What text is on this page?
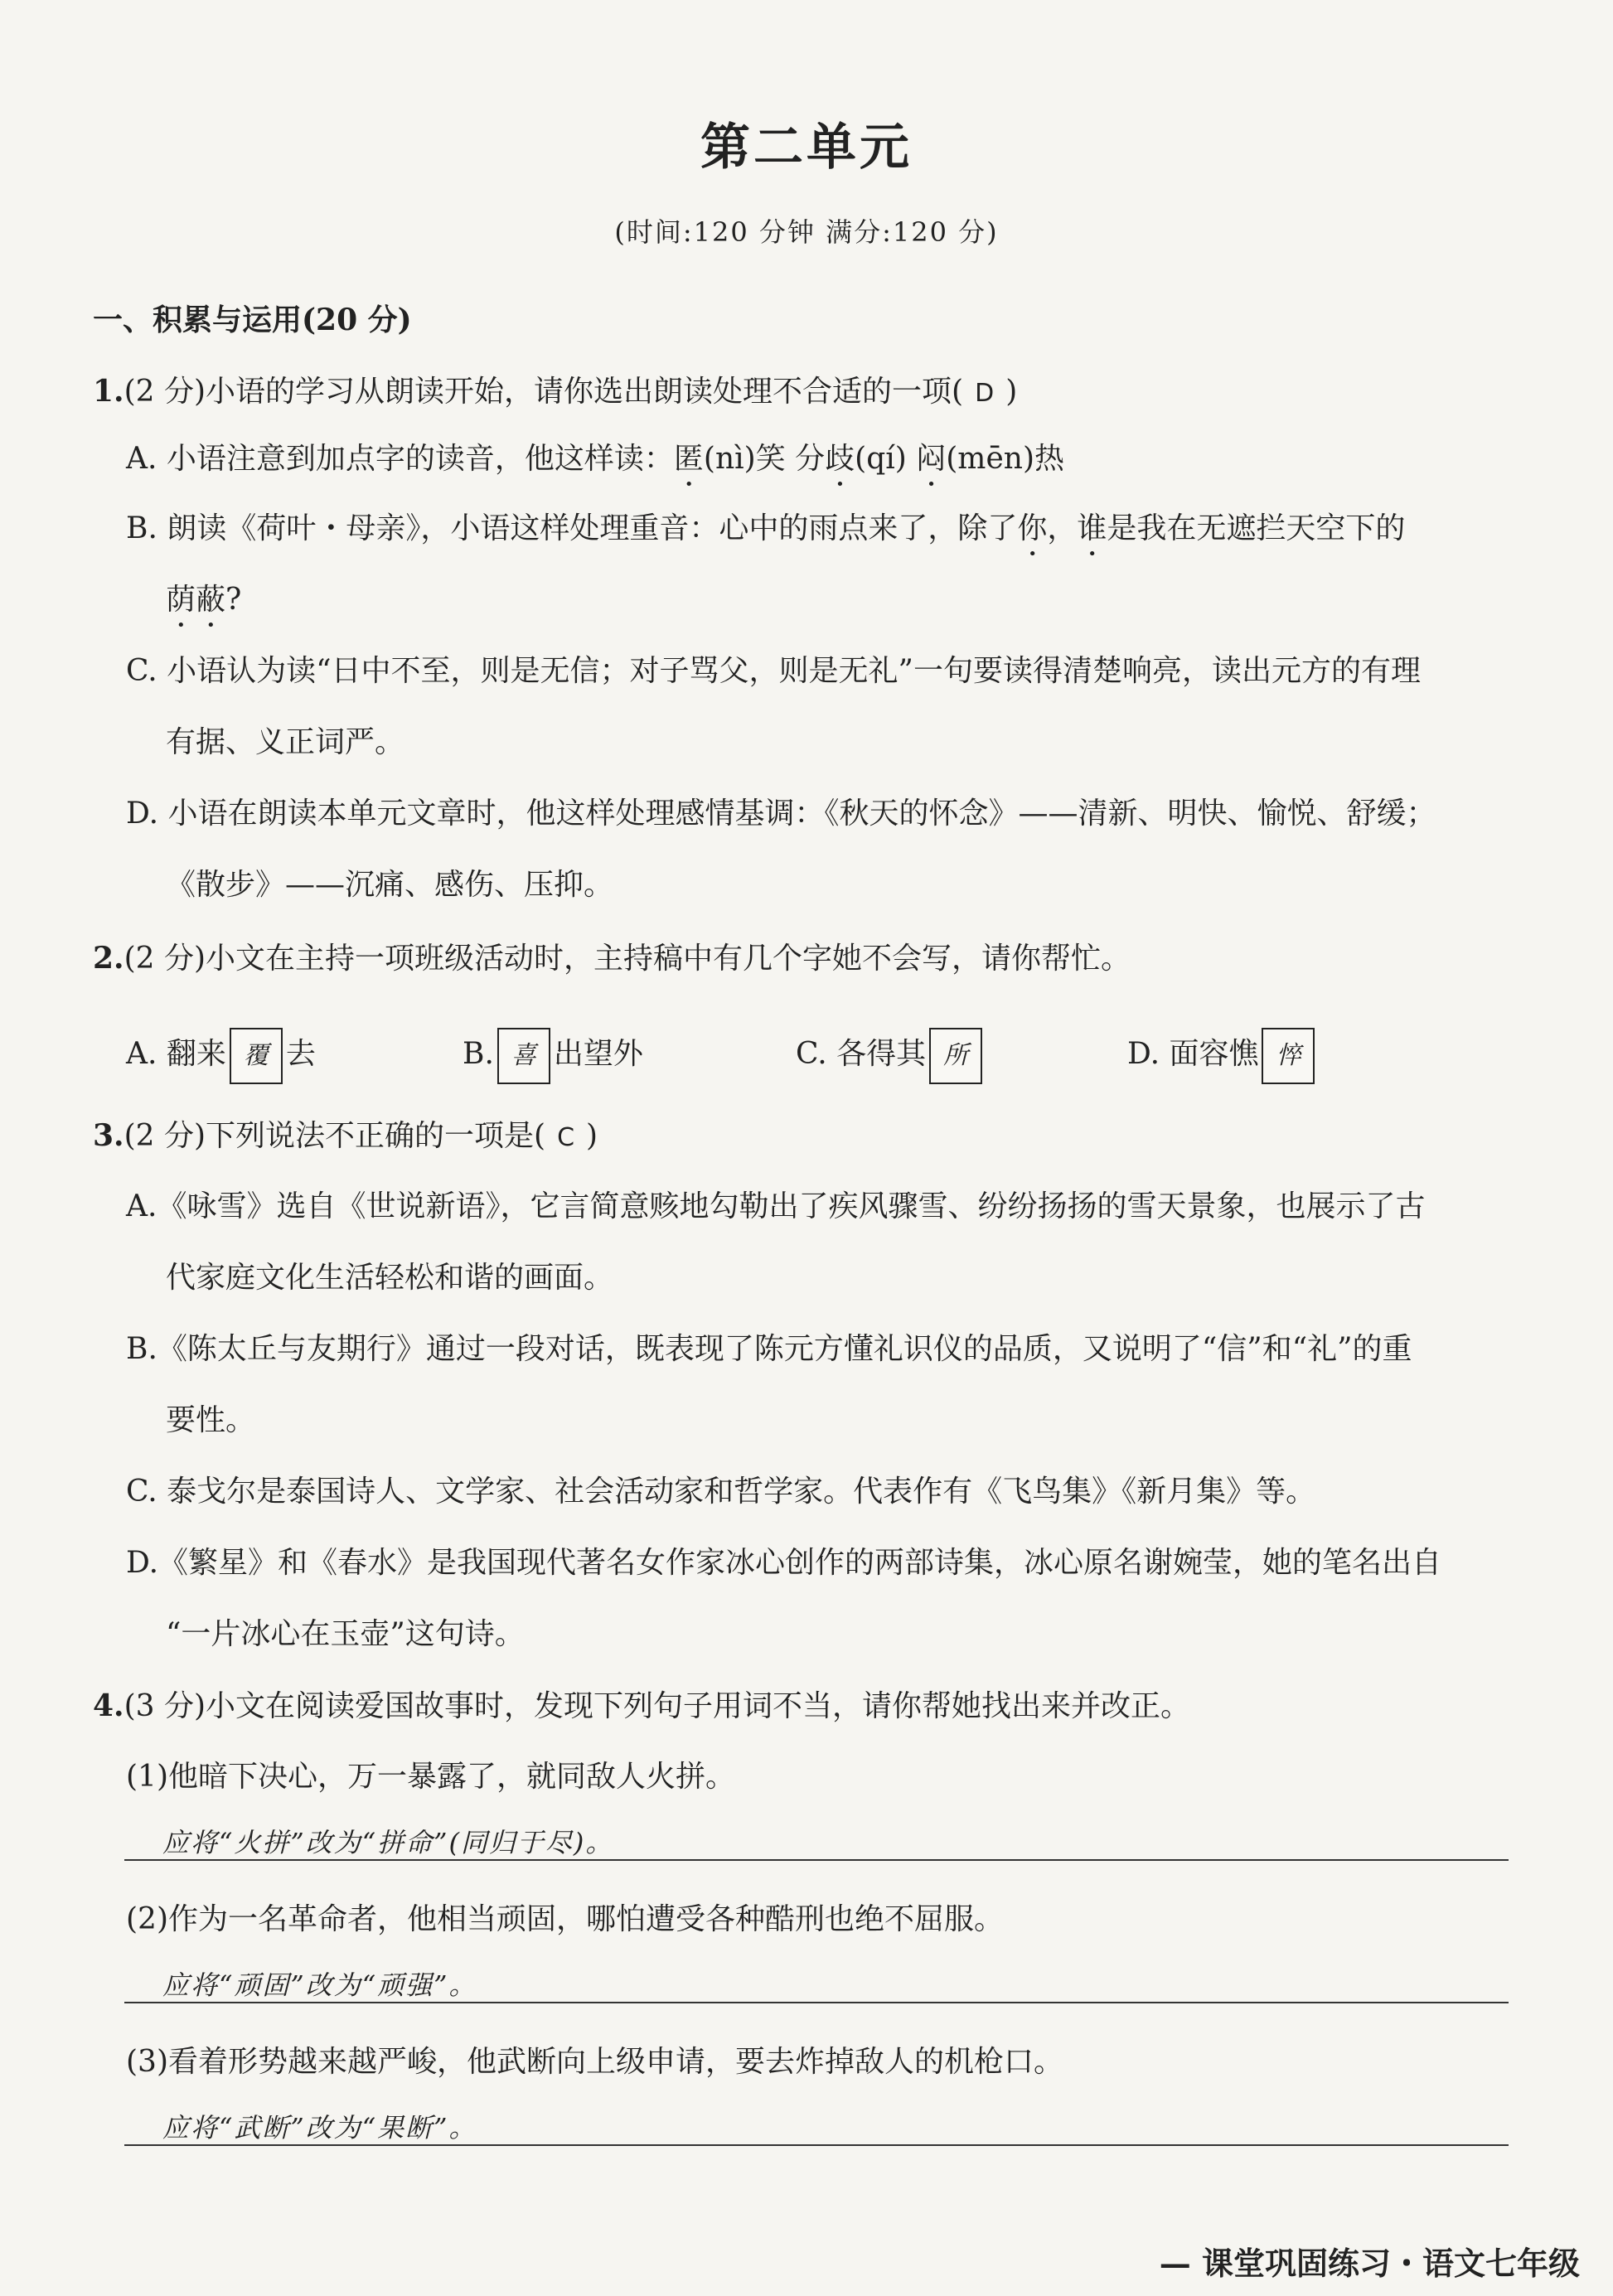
第二单元
(时间:120 分钟 满分:120 分)
一、积累与运用(20 分)
1.(2 分)小语的学习从朗读开始，请你选出朗读处理不合适的一项( D )
A. 小语注意到加点字的读音，他这样读：匿(nì)笑 分歧(qí) 闷(mēn)热
B. 朗读《荷叶・母亲》，小语这样处理重音：心中的雨点来了，除了你，谁是我在无遮拦天空下的
荫蔽?
C. 小语认为读“日中不至，则是无信；对子骂父，则是无礼”一句要读得清楚响亮，读出元方的有理
有据、义正词严。
D. 小语在朗读本单元文章时，他这样处理感情基调：《秋天的怀念》——清新、明快、愉悦、舒缓；
《散步》——沉痛、感伤、压抑。
2.(2 分)小文在主持一项班级活动时，主持稿中有几个字她不会写，请你帮忙。
A. 翻来 覆 去	B. 喜 出望外	C. 各得其 所	D. 面容憔 悴
3.(2 分)下列说法不正确的一项是( C )
A.《咏雪》选自《世说新语》，它言简意赅地勾勒出了疾风骤雪、纷纷扬扬的雪天景象，也展示了古
代家庭文化生活轻松和谐的画面。
B.《陈太丘与友期行》通过一段对话，既表现了陈元方懂礼识仪的品质，又说明了“信”和“礼”的重
要性。
C. 泰戈尔是泰国诗人、文学家、社会活动家和哲学家。代表作有《飞鸟集》《新月集》等。
D.《繁星》和《春水》是我国现代著名女作家冰心创作的两部诗集，冰心原名谢婉莹，她的笔名出自
“一片冰心在玉壶”这句诗。
4.(3 分)小文在阅读爱国故事时，发现下列句子用词不当，请你帮她找出来并改正。
(1)他暗下决心，万一暴露了，就同敌人火拼。
应将“火拼”改为“拼命”(同归于尽)。
(2)作为一名革命者，他相当顽固，哪怕遭受各种酷刑也绝不屈服。
应将“顽固”改为“顽强”。
(3)看着形势越来越严峻，他武断向上级申请，要去炸掉敌人的机枪口。
应将“武断”改为“果断”。
— 课堂巩固练习・语文七年级
